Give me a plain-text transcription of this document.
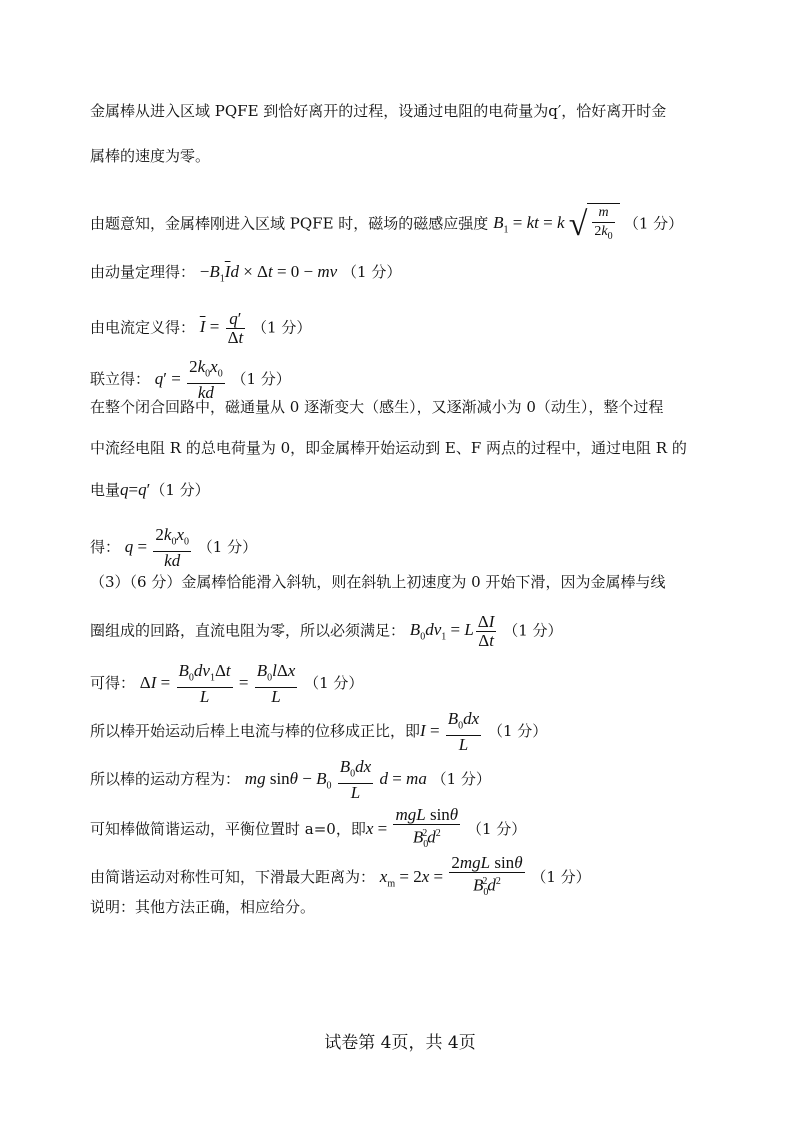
金属棒从进入区域 PQFE 到恰好离开的过程，设通过电阻的电荷量为q′，恰好离开时金
属棒的速度为零。
由题意知，金属棒刚进入区域 PQFE 时，磁场的磁感应强度 $B_1$ = kt = k √ $\frac{m}{2k_0} (1$ 分）
由动量定理得： $-B_1\overline{I}d \times \Delta t = 0$ − mv （1 分）
由电流定义得： $\overline{I} = \frac{q'}{\Delta t} (1$ 分）
联立得： $q' = \frac{2k_0x_0}{kd} (1$ 分）
在整个闭合回路中，磁通量从 0 逐渐变大（感生），又逐渐减小为 0（动生），整个过程
中流经电阻 R 的总电荷量为 0，即金属棒开始运动到 E、F 两点的过程中，通过电阻 R 的
电量q=q′（1 分）
得： $q = \frac{2k_0x_0}{kd} (1$ 分）
（3）（6 分）金属棒恰能滑入斜轨，则在斜轨上初速度为 0 开始下滑，因为金属棒与线
圈组成的回路，直流电阻为零，所以必须满足： $B_0dv_1 = L \frac{\Delta I}{\Delta t} (1$ 分）
可得： $\Delta I = \frac{B_0dv_1\Delta t}{L} = \frac{B_0l\Delta x}{L} (1$ 分）
所以棒开始运动后棒上电流与棒的位移成正比，即$I = \frac{B_0dx}{L} (1$ 分）
所以棒的运动方程为： mg $\sin\theta - B_0 \frac{B_0dx}{L}$ d = ma （1 分）
可知棒做简谐运动，平衡位置时 a=0，即$x = \frac{\text{mgL sinθ}}{B_0^2d^2} (1$ 分）
由简谐运动对称性可知，下滑最大距离为： $x_m = 2x = \frac{\text{2mgL sinθ}}{B_0^2d^2} (1$ 分）
说明：其他方法正确，相应给分。
试卷第 4页，共 4页
